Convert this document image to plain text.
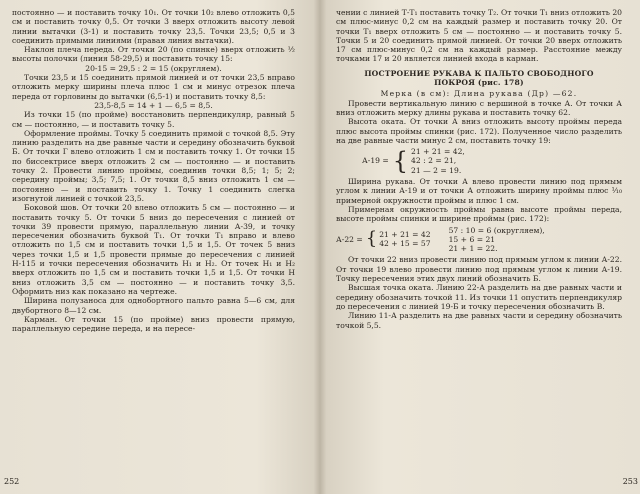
постоянно — и поставить точку 10₁. От точки 10₂ влево отложить 0,5 см и поставить точку 0,5. От точки 3 вверх отложить высоту левой линии вытачки (3-1) и поставить точку 23,5. Точки 23,5; 0,5 и 3 соединить прямыми линиями (правая линия вытачки).

Наклон плеча переда. От точки 20 (по спинке) вверх отложить ½ высоты полочки (линия 58-29,5) и поставить точку 15:

20-15 = 29,5 : 2 = 15 (округляем).

Точки 23,5 и 15 соединить прямой линией и от точки 23,5 вправо отложить мерку ширины плеча плюс 1 см и минус отрезок плеча переда от горловины до вытачки (6,5-1) и поставить точку 8,5:

23,5-8,5 = 14 + 1 — 6,5 = 8,5.

Из точки 15 (по пройме) восстановить перпендикуляр, равный 5 см — постоянно, — и поставить точку 5.

Оформление проймы. Точку 5 соединить прямой с точкой 8,5. Эту линию разделить на две равные части и середину обозначить буквой Б. От точки Г влево отложить 1 см и поставить точку 1. От точки 15 по биссектрисе вверх отложить 2 см — постоянно — и поставить точку 2. Провести линию проймы, соединив точки 8,5; 1; 5; 2; середину проймы; 3,5; 7,5; 1. От точки 8,5 вниз отложить 1 см — постоянно — и поставить точку 1. Точку 1 соединить слегка изогнутой линией с точкой 23,5.

Боковой шов. От точки 20 влево отложить 5 см — постоянно — и поставить точку 5. От точки 5 вниз до пересечения с линией от точки 39 провести прямую, параллельную линии А-39, и точку пересечения обозначить буквой Т₁. От точки Т₁ вправо и влево отложить по 1,5 см и поставить точки 1,5 и 1,5. От точек 5 вниз через точки 1,5 и 1,5 провести прямые до пересечения с линией Н-115 и точки пересечения обозначить Н₁ и Н₂. От точек Н₁ и Н₂ вверх отложить по 1,5 см и поставить точки 1,5 и 1,5. От точки Н вниз отложить 3,5 см — постоянно — и поставить точку 3,5. Оформить низ как показано на чертеже.

Ширина полузаноса для однобортного пальто равна 5—6 см, для двубортного 8—12 см.

Карман. От точки 15 (по пройме) вниз провести прямую, параллельную середине переда, и на пересе-

252

чении с линией Т-Т₁ поставить точку Т₂. От точки Т₁ вниз отложить 20 см плюс-минус 0,2 см на каждый размер и поставить точку 20. От точки Т₁ вверх отложить 5 см — постоянно — и поставить точку 5. Точки 5 и 20 соединить прямой линией. От точки 20 вверх отложить 17 см плюс-минус 0,2 см на каждый размер. Расстояние между точками 17 и 20 является линией входа в карман.

ПОСТРОЕНИЕ РУКАВА К ПАЛЬТО СВОБОДНОГО ПОКРОЯ (рис. 178)

Мерка (в см): Длина рукава (Др) —62.

Провести вертикальную линию с вершиной в точке А. От точки А вниз отложить мерку длины рукава и поставить точку 62.

Высота оката. От точки А вниз отложить высоту проймы переда плюс высота проймы спинки (рис. 172). Полученное число разделить на две равные части минус 2 см, поставить точку 19:

А-19 = { 21 + 21 = 42,
42 : 2 = 21,
21 — 2 = 19.

Ширина рукава. От точки А влево провести линию под прямым углом к линии А-19 и от точки А отложить ширину проймы плюс ¹⁄₁₀ примерной окружности проймы и плюс 1 см.

Примерная окружность проймы равна высоте проймы переда, высоте проймы спинки и ширине проймы (рис. 172):

А-22 = { 21 + 21 = 42
42 + 15 = 57
57 : 10 = 6 (округляем),
15 + 6 = 21
21 + 1 = 22.

От точки 22 вниз провести линию под прямым углом к линии А-22. От точки 19 влево провести линию под прямым углом к линии А-19. Точку пересечения этих двух линий обозначить Б.

Высшая точка оката. Линию 22-А разделить на две равных части и середину обозначить точкой 11. Из точки 11 опустить перпендикуляр до пересечения с линией 19-Б и точку пересечения обозначить В.

Линию 11-А разделить на две равных части и середину обозначить точкой 5,5.

253
